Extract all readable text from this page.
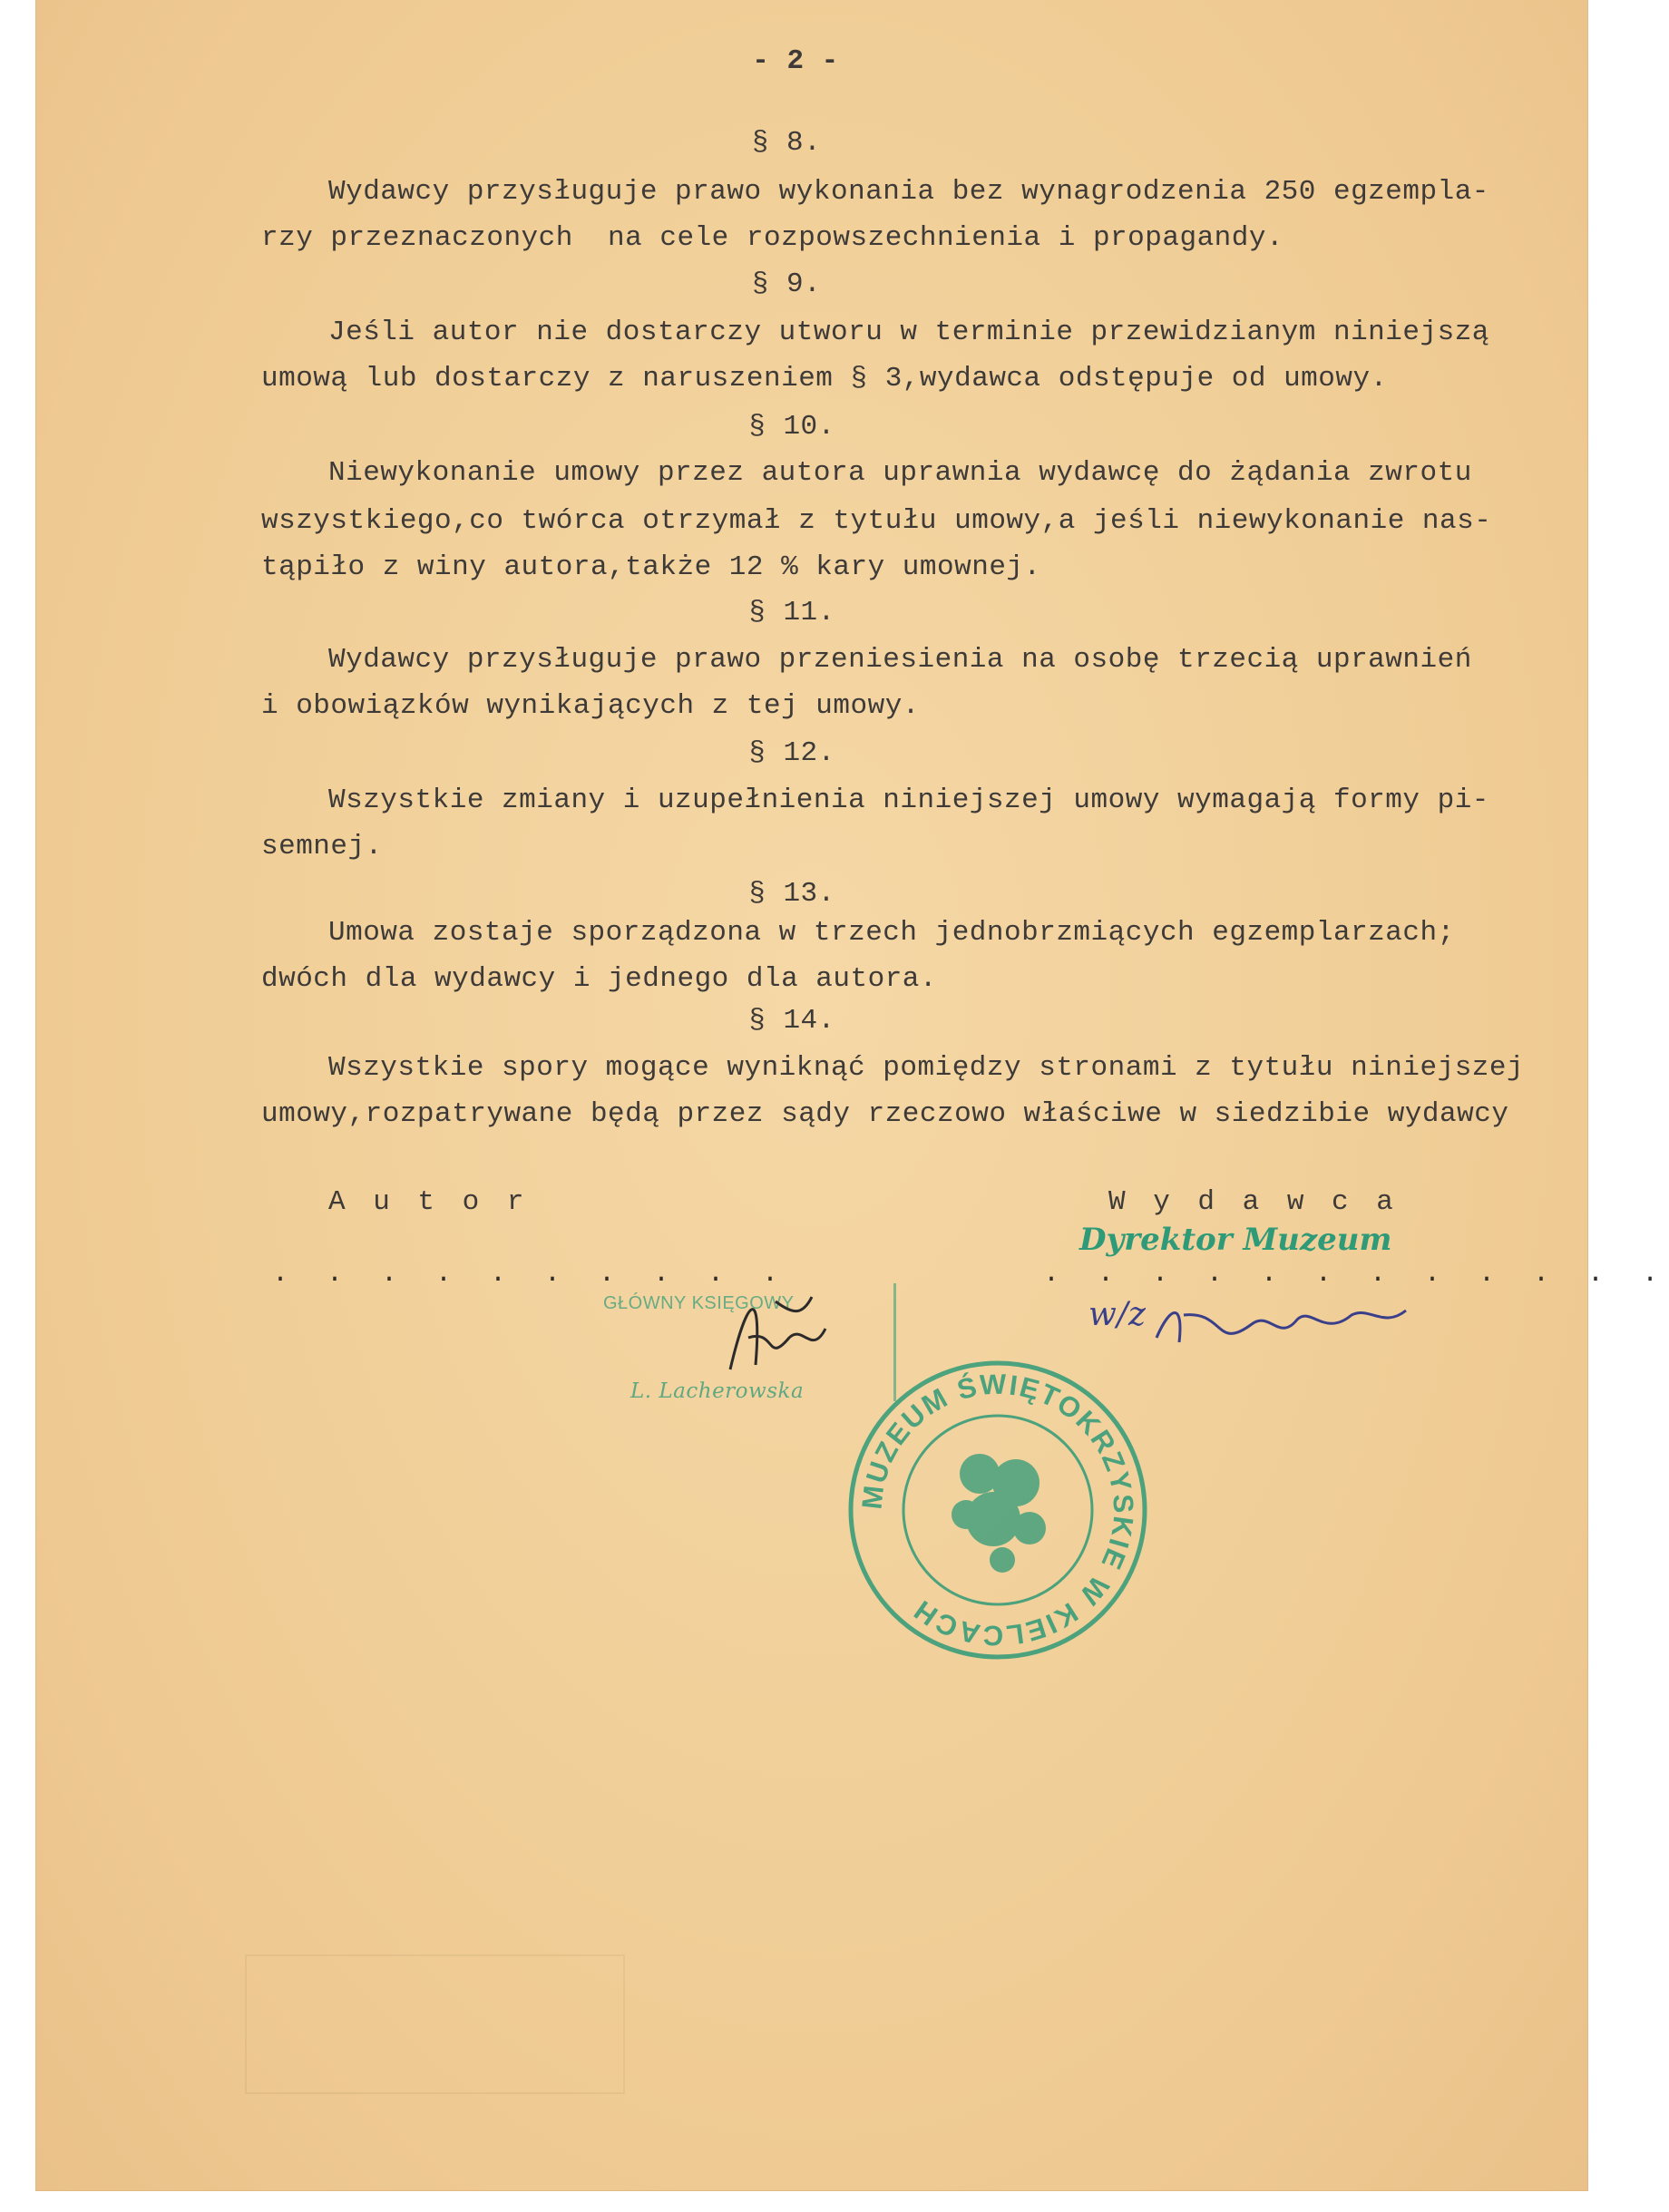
- 2 -
§ 8.
Wydawcy przysługuje prawo wykonania bez wynagrodzenia 250 egzempla-
rzy przeznaczonych  na cele rozpowszechnienia i propagandy.
§ 9.
Jeśli autor nie dostarczy utworu w terminie przewidzianym niniejszą
umową lub dostarczy z naruszeniem § 3,wydawca odstępuje od umowy.
§ 10.
Niewykonanie umowy przez autora uprawnia wydawcę do żądania zwrotu
wszystkiego,co twórca otrzymał z tytułu umowy,a jeśli niewykonanie nas-
tąpiło z winy autora,także 12 % kary umownej.
§ 11.
Wydawcy przysługuje prawo przeniesienia na osobę trzecią uprawnień
i obowiązków wynikających z tej umowy.
§ 12.
Wszystkie zmiany i uzupełnienia niniejszej umowy wymagają formy pi-
semnej.
§ 13.
Umowa zostaje sporządzona w trzech jednobrzmiących egzemplarzach;
dwóch dla wydawcy i jednego dla autora.
§ 14.
Wszystkie spory mogące wyniknąć pomiędzy stronami z tytułu niniejszej
umowy,rozpatrywane będą przez sądy rzeczowo właściwe w siedzibie wydawcy
A u t o r	W y d a w c a
. . . . . . . . . .	. . . . . . . . . . . .
Dyrektor Muzeum
w/z
GŁÓWNY KSIĘGOWY
L. Lacherowska
MUZEUM ŚWIĘTOKRZYSKIE W KIELCACH
